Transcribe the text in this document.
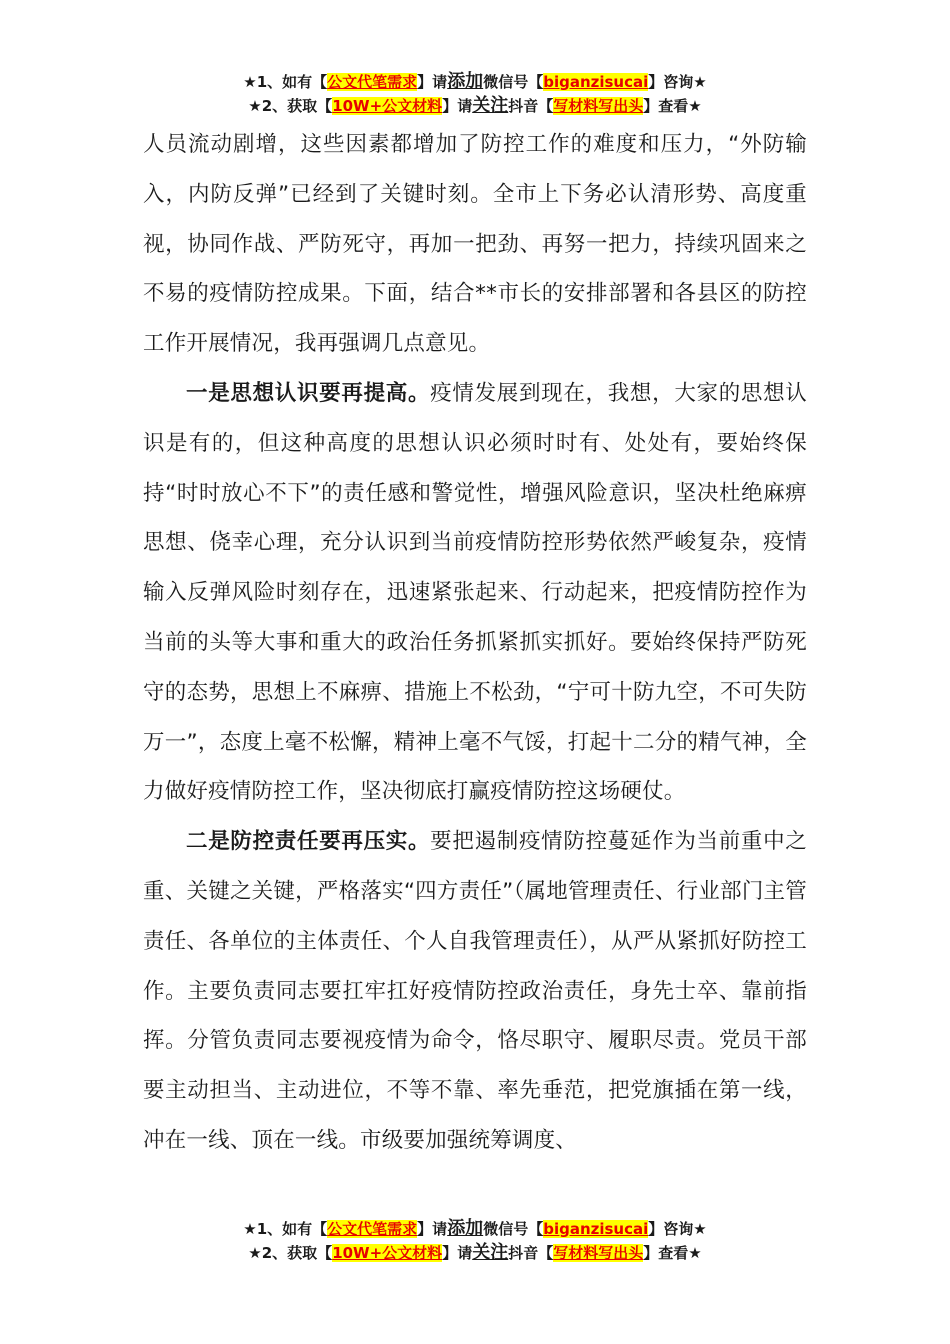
★1、如有【公文代笔需求】请添加微信号【biganzisucai】咨询★
★2、获取【10W+公文材料】请关注抖音【写材料写出头】查看★

人员流动剧增，这些因素都增加了防控工作的难度和压力，“外防输入，内防反弹”已经到了关键时刻。全市上下务必认清形势、高度重视，协同作战、严防死守，再加一把劲、再努一把力，持续巩固来之不易的疫情防控成果。下面，结合**市长的安排部署和各县区的防控工作开展情况，我再强调几点意见。

一是思想认识要再提高。疫情发展到现在，我想，大家的思想认识是有的，但这种高度的思想认识必须时时有、处处有，要始终保持“时时放心不下”的责任感和警觉性，增强风险意识，坚决杜绝麻痹思想、侥幸心理，充分认识到当前疫情防控形势依然严峻复杂，疫情输入反弹风险时刻存在，迅速紧张起来、行动起来，把疫情防控作为当前的头等大事和重大的政治任务抓紧抓实抓好。要始终保持严防死守的态势，思想上不麻痹、措施上不松劲，“宁可十防九空，不可失防万一”，态度上毫不松懈，精神上毫不气馁，打起十二分的精气神，全力做好疫情防控工作，坚决彻底打赢疫情防控这场硬仗。

二是防控责任要再压实。要把遏制疫情防控蔓延作为当前重中之重、关键之关键，严格落实“四方责任”（属地管理责任、行业部门主管责任、各单位的主体责任、个人自我管理责任），从严从紧抓好防控工作。主要负责同志要扛牢扛好疫情防控政治责任，身先士卒、靠前指挥。分管负责同志要视疫情为命令，恪尽职守、履职尽责。党员干部要主动担当、主动进位，不等不靠、率先垂范，把党旗插在第一线，冲在一线、顶在一线。市级要加强统筹调度、

★1、如有【公文代笔需求】请添加微信号【biganzisucai】咨询★
★2、获取【10W+公文材料】请关注抖音【写材料写出头】查看★
